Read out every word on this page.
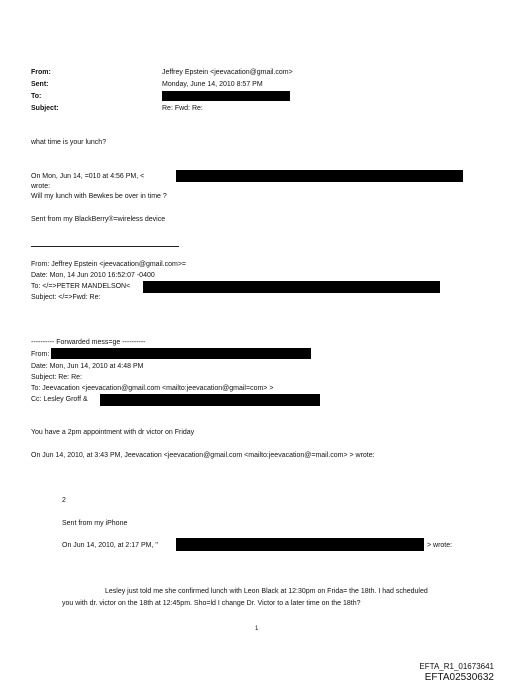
From:
Sent:
To:
Subject:
Jeffrey Epstein <jeevacation@gmail.com>
Monday, June 14, 2010 8:57 PM
Re: Fwd: Re:
what time is your lunch?
On Mon, Jun 14, =010 at 4:56 PM, <
wrote:
Will my lunch with Bewkes be over in time ?
Sent from my BlackBerry®=wireless device
From: Jeffrey Epstein <jeevacation@gmail.com>=
Date: Mon, 14 Jun 2010 16:52:07 -0400
To: </=>PETER MANDELSON<
Subject: </=>Fwd: Re:
---------- Forwarded mess=ge ----------
From:
Date: Mon, Jun 14, 2010 at 4:48 PM
Subject: Re: Re:
To: Jeevacation <jeevacation@gmail.com <mailto:jeevacation@gmail=com> >
Cc: Lesley Groff &
You have a 2pm appointment with dr victor on Friday
On Jun 14, 2010, at 3:43 PM, Jeevacation <jeevacation@gmail.com <mailto:jeevacation@=mail.com> > wrote:
2
Sent from my iPhone
On Jun 14, 2010, at 2:17 PM, "	> wrote:
Lesley just told me she confirmed lunch with Leon Black at 12:30pm on Frida= the 18th. I had scheduled
you with dr. victor on the 18th at 12:45pm. Sho=ld I change Dr. Victor to a later time on the 18th?
1
EFTA_R1_01673641
EFTA02530632
